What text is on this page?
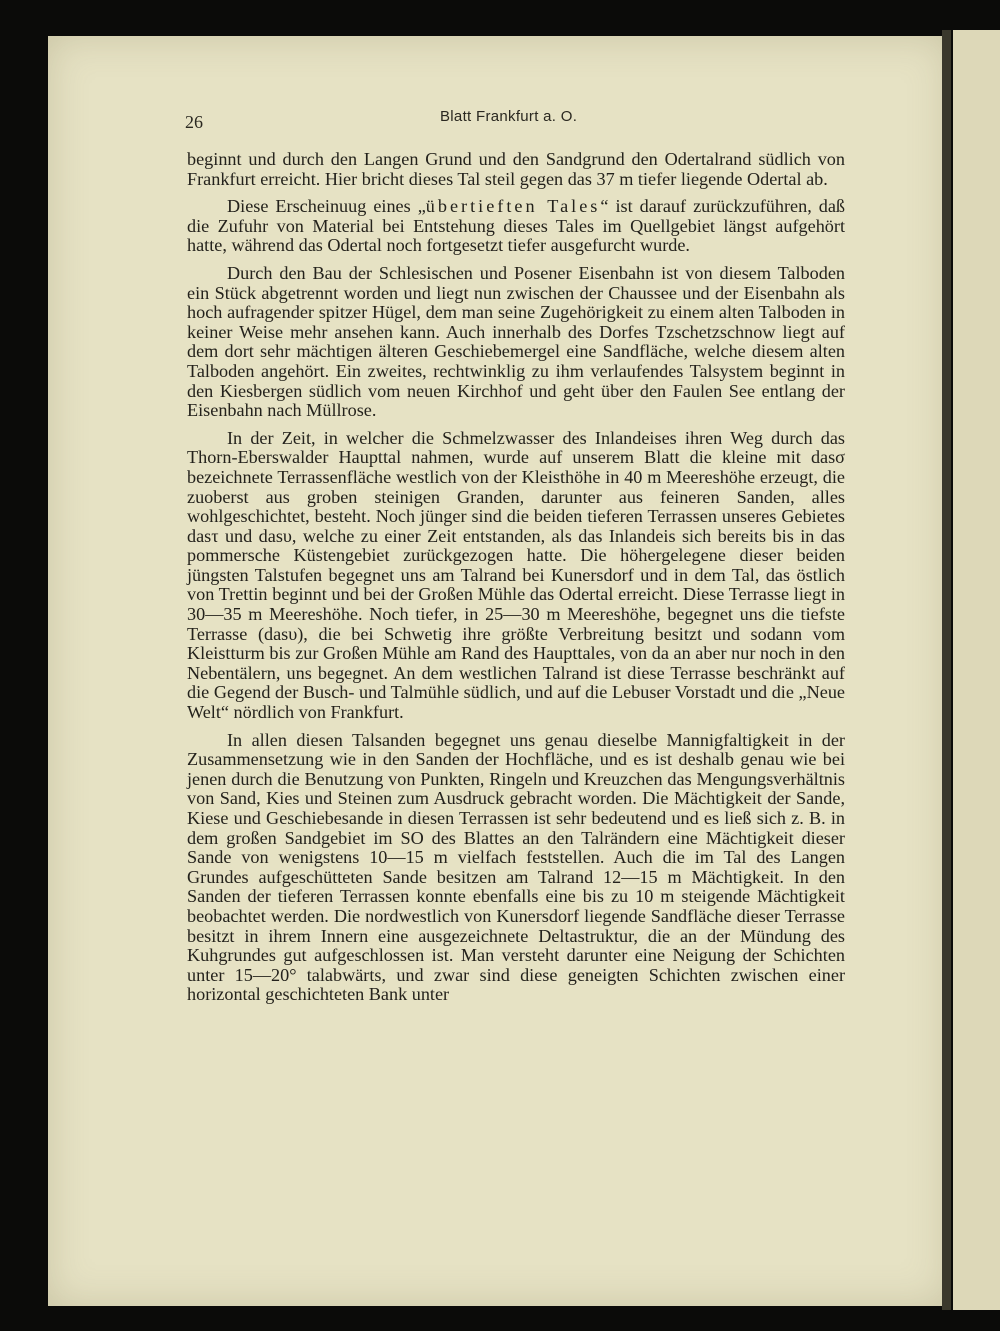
26	Blatt Frankfurt a. O.

beginnt und durch den Langen Grund und den Sandgrund den Odertalrand südlich von Frankfurt erreicht. Hier bricht dieses Tal steil gegen das 37 m tiefer liegende Odertal ab.

Diese Erscheinuug eines „übertieften Tales“ ist darauf zurückzuführen, daß die Zufuhr von Material bei Entstehung dieses Tales im Quellgebiet längst aufgehört hatte, während das Odertal noch fortgesetzt tiefer ausgefurcht wurde.

Durch den Bau der Schlesischen und Posener Eisenbahn ist von diesem Talboden ein Stück abgetrennt worden und liegt nun zwischen der Chaussee und der Eisenbahn als hoch aufragender spitzer Hügel, dem man seine Zugehörigkeit zu einem alten Talboden in keiner Weise mehr ansehen kann. Auch innerhalb des Dorfes Tzschetzschnow liegt auf dem dort sehr mächtigen älteren Geschiebemergel eine Sandfläche, welche diesem alten Talboden angehört. Ein zweites, rechtwinklig zu ihm verlaufendes Talsystem beginnt in den Kiesbergen südlich vom neuen Kirchhof und geht über den Faulen See entlang der Eisenbahn nach Müllrose.

In der Zeit, in welcher die Schmelzwasser des Inlandeises ihren Weg durch das Thorn-Eberswalder Haupttal nahmen, wurde auf unserem Blatt die kleine mit dasσ bezeichnete Terrassenfläche westlich von der Kleisthöhe in 40 m Meereshöhe erzeugt, die zuoberst aus groben steinigen Granden, darunter aus feineren Sanden, alles wohlgeschichtet, besteht. Noch jünger sind die beiden tieferen Terrassen unseres Gebietes dasτ und dasυ, welche zu einer Zeit entstanden, als das Inlandeis sich bereits bis in das pommersche Küstengebiet zurückgezogen hatte. Die höhergelegene dieser beiden jüngsten Talstufen begegnet uns am Talrand bei Kunersdorf und in dem Tal, das östlich von Trettin beginnt und bei der Großen Mühle das Odertal erreicht. Diese Terrasse liegt in 30—35 m Meereshöhe. Noch tiefer, in 25—30 m Meereshöhe, begegnet uns die tiefste Terrasse (dasυ), die bei Schwetig ihre größte Verbreitung besitzt und sodann vom Kleistturm bis zur Großen Mühle am Rand des Haupttales, von da an aber nur noch in den Nebentälern, uns begegnet. An dem westlichen Talrand ist diese Terrasse beschränkt auf die Gegend der Busch- und Talmühle südlich, und auf die Lebuser Vorstadt und die „Neue Welt“ nördlich von Frankfurt.

In allen diesen Talsanden begegnet uns genau dieselbe Mannigfaltigkeit in der Zusammensetzung wie in den Sanden der Hochfläche, und es ist deshalb genau wie bei jenen durch die Benutzung von Punkten, Ringeln und Kreuzchen das Mengungsverhältnis von Sand, Kies und Steinen zum Ausdruck gebracht worden. Die Mächtigkeit der Sande, Kiese und Geschiebesande in diesen Terrassen ist sehr bedeutend und es ließ sich z. B. in dem großen Sandgebiet im SO des Blattes an den Talrändern eine Mächtigkeit dieser Sande von wenigstens 10—15 m vielfach feststellen. Auch die im Tal des Langen Grundes aufgeschütteten Sande besitzen am Talrand 12—15 m Mächtigkeit. In den Sanden der tieferen Terrassen konnte ebenfalls eine bis zu 10 m steigende Mächtigkeit beobachtet werden. Die nordwestlich von Kunersdorf liegende Sandfläche dieser Terrasse besitzt in ihrem Innern eine ausgezeichnete Deltastruktur, die an der Mündung des Kuhgrundes gut aufgeschlossen ist. Man versteht darunter eine Neigung der Schichten unter 15—20° talabwärts, und zwar sind diese geneigten Schichten zwischen einer horizontal geschichteten Bank unter
